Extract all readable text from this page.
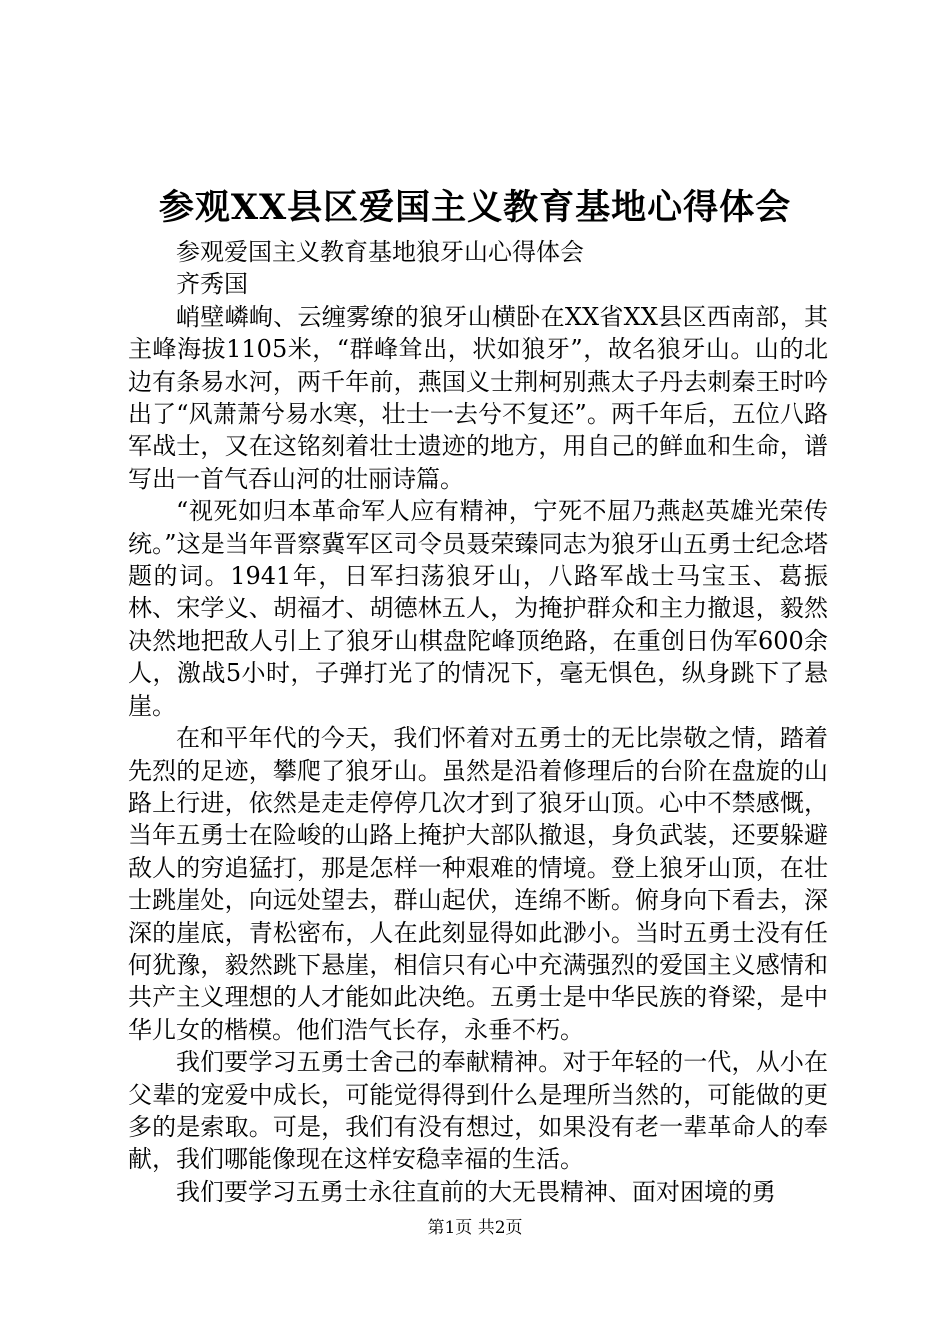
参观XX县区爱国主义教育基地心得体会

参观爱国主义教育基地狼牙山心得体会

齐秀国

峭壁嶙峋、云缠雾缭的狼牙山横卧在XX省XX县区西南部，其主峰海拔1105米，“群峰耸出，状如狼牙”，故名狼牙山。山的北边有条易水河，两千年前，燕国义士荆柯别燕太子丹去刺秦王时吟出了“风萧萧兮易水寒，壮士一去兮不复还”。两千年后，五位八路军战士，又在这铭刻着壮士遗迹的地方，用自己的鲜血和生命，谱写出一首气吞山河的壮丽诗篇。

“视死如归本革命军人应有精神，宁死不屈乃燕赵英雄光荣传统。”这是当年晋察冀军区司令员聂荣臻同志为狼牙山五勇士纪念塔题的词。1941年，日军扫荡狼牙山，八路军战士马宝玉、葛振林、宋学义、胡福才、胡德林五人，为掩护群众和主力撤退，毅然决然地把敌人引上了狼牙山棋盘陀峰顶绝路，在重创日伪军600余人，激战5小时，子弹打光了的情况下，毫无惧色，纵身跳下了悬崖。

在和平年代的今天，我们怀着对五勇士的无比崇敬之情，踏着先烈的足迹，攀爬了狼牙山。虽然是沿着修理后的台阶在盘旋的山路上行进，依然是走走停停几次才到了狼牙山顶。心中不禁感慨，当年五勇士在险峻的山路上掩护大部队撤退，身负武装，还要躲避敌人的穷追猛打，那是怎样一种艰难的情境。登上狼牙山顶，在壮士跳崖处，向远处望去，群山起伏，连绵不断。俯身向下看去，深深的崖底，青松密布，人在此刻显得如此渺小。当时五勇士没有任何犹豫，毅然跳下悬崖，相信只有心中充满强烈的爱国主义感情和共产主义理想的人才能如此决绝。五勇士是中华民族的脊梁，是中华儿女的楷模。他们浩气长存，永垂不朽。

我们要学习五勇士舍己的奉献精神。对于年轻的一代，从小在父辈的宠爱中成长，可能觉得得到什么是理所当然的，可能做的更多的是索取。可是，我们有没有想过，如果没有老一辈革命人的奉献，我们哪能像现在这样安稳幸福的生活。

我们要学习五勇士永往直前的大无畏精神、面对困境的勇

第1页 共2页
